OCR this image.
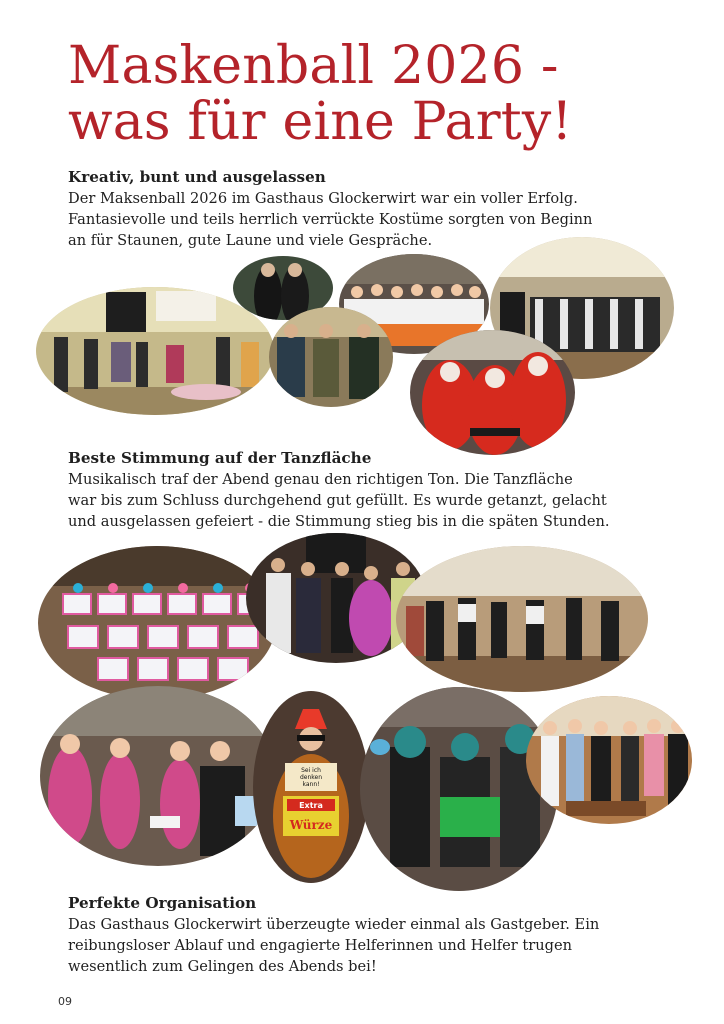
Maskenball 2026 -
was für eine Party!
Kreativ, bunt und ausgelassen

Der Maksenball 2026 im Gasthaus Glockerwirt war ein voller Erfolg.
Fantasievolle und teils herrlich verrückte Kostüme sorgten von Beginn
an für Staunen, gute Laune und viele Gespräche.

Beste Stimmung auf der Tanzfläche

Musikalisch traf der Abend genau den richtigen Ton. Die Tanzfläche
war bis zum Schluss durchgehend gut gefüllt. Es wurde getanzt, gelacht
und ausgelassen gefeiert - die Stimmung stieg bis in die späten Stunden.

Sei ich
denken
kann!
Extra
Würze
Perfekte Organisation

Das Gasthaus Glockerwirt überzeugte wieder einmal als Gastgeber. Ein
reibungsloser Ablauf und engagierte Helferinnen und Helfer trugen
wesentlich zum Gelingen des Abends bei!

09
